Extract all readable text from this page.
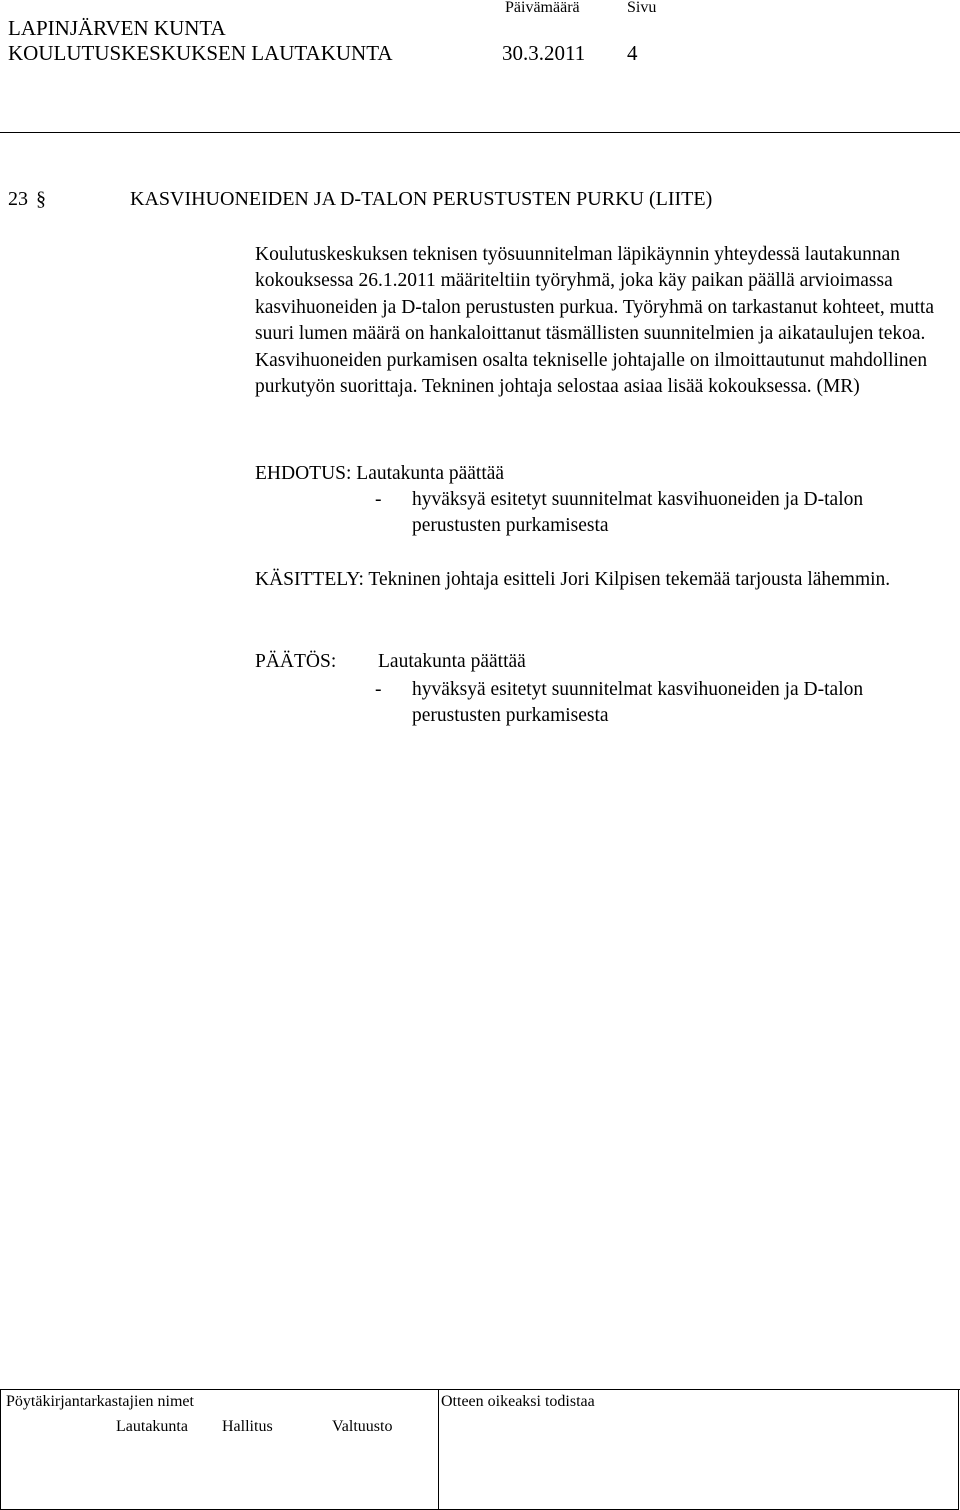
LAPINJÄRVEN KUNTA
KOULUTUSKESKUKSEN LAUTAKUNTA
Päivämäärä	Sivu
30.3.2011 4
23 §	KASVIHUONEIDEN JA D-TALON PERUSTUSTEN PURKU (LIITE)
Koulutuskeskuksen teknisen työsuunnitelman läpikäynnin yhteydessä lautakunnan kokouksessa 26.1.2011 määriteltiin työryhmä, joka käy paikan päällä arvioimassa kasvihuoneiden ja D-talon perustusten purkua. Työryhmä on tarkastanut kohteet, mutta suuri lumen määrä on hankaloittanut täsmällisten suunnitelmien ja aikataulujen tekoa. Kasvihuoneiden purkamisen osalta tekniselle johtajalle on ilmoittautunut mahdollinen purkutyön suorittaja. Tekninen johtaja selostaa asiaa lisää kokouksessa. (MR)
EHDOTUS: Lautakunta päättää
- hyväksyä esitetyt suunnitelmat kasvihuoneiden ja D-talon perustusten purkamisesta
KÄSITTELY: Tekninen johtaja esitteli Jori Kilpisen tekemää tarjousta lähemmin.
PÄÄTÖS: Lautakunta päättää
- hyväksyä esitetyt suunnitelmat kasvihuoneiden ja D-talon perustusten purkamisesta
Pöytäkirjantarkastajien nimet	Otteen oikeaksi todistaa
Lautakunta Hallitus	Valtuusto
